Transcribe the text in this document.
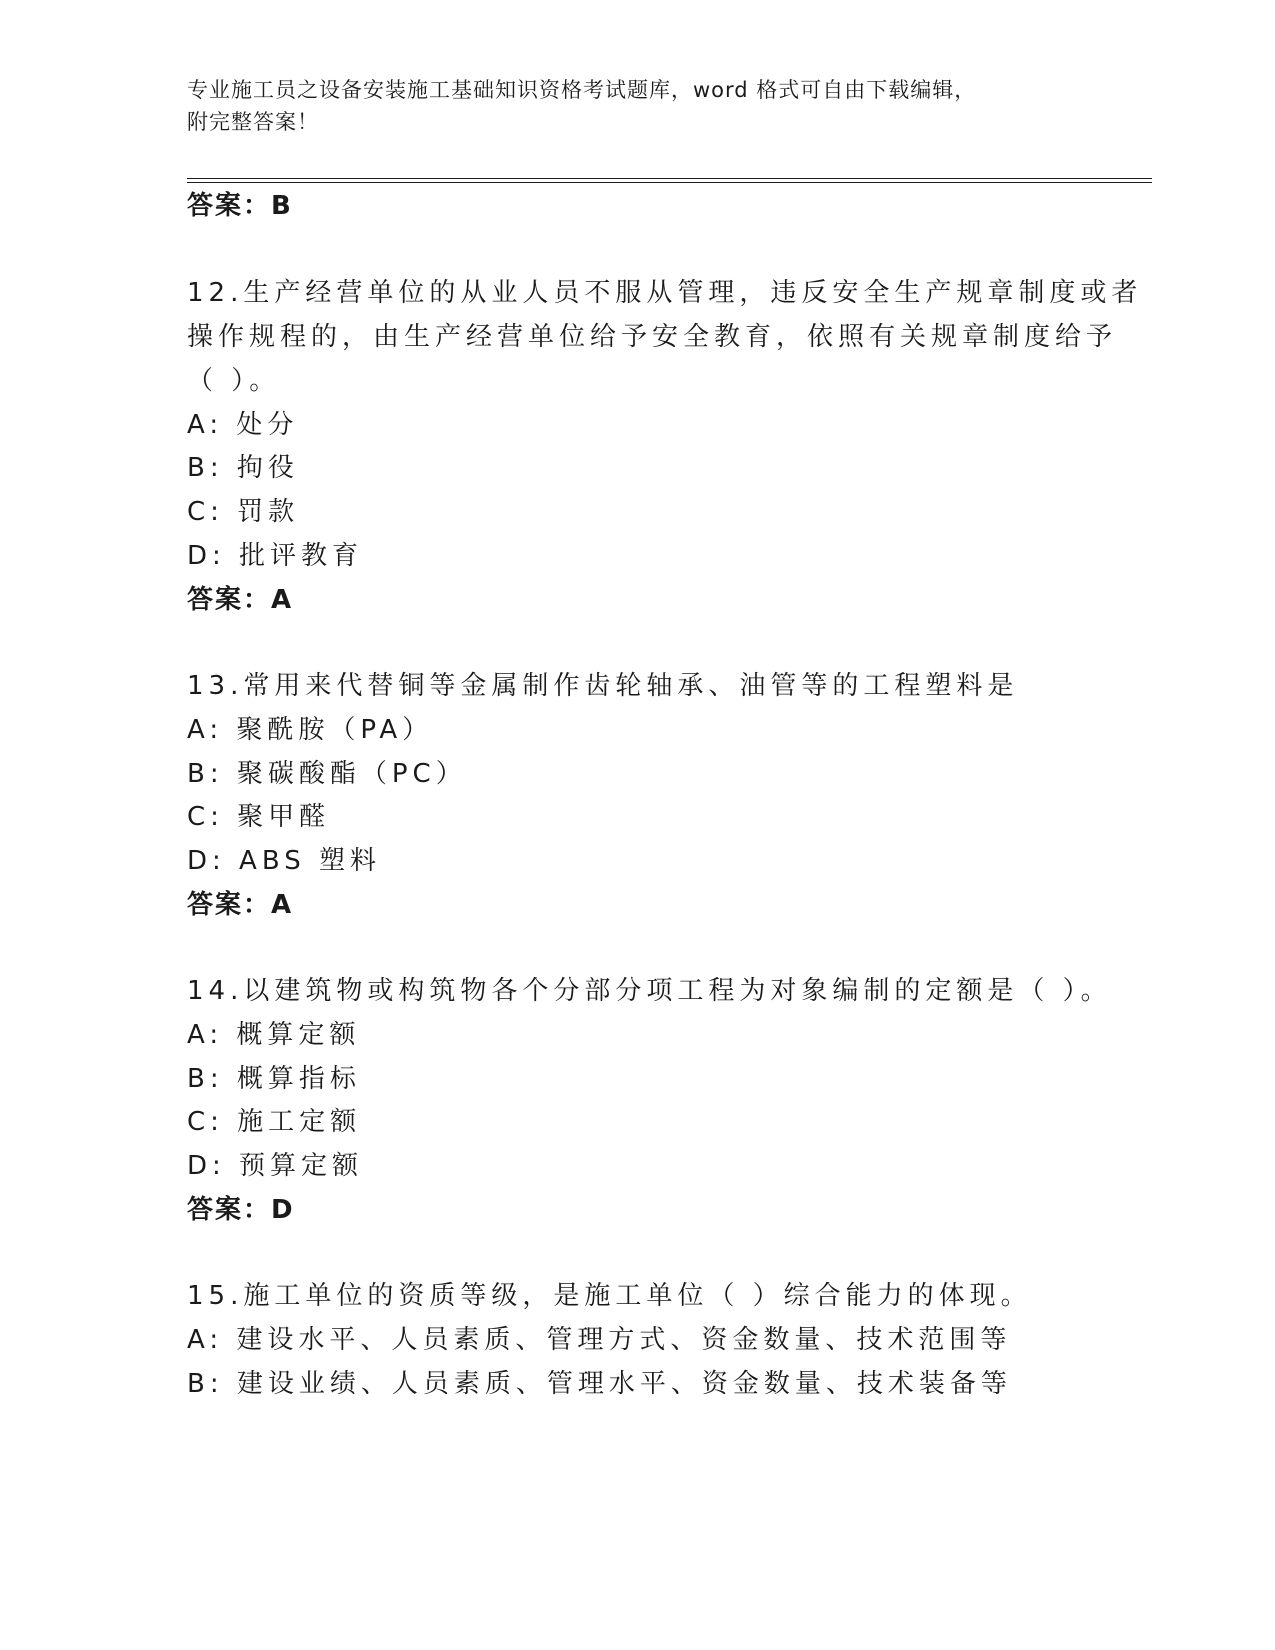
专业施工员之设备安装施工基础知识资格考试题库，word 格式可自由下载编辑，
附完整答案！
答案：B
12.生产经营单位的从业人员不服从管理，违反安全生产规章制度或者
操作规程的，由生产经营单位给予安全教育，依照有关规章制度给予
（ ）。
A: 处分
B: 拘役
C: 罚款
D: 批评教育
答案：A
13.常用来代替铜等金属制作齿轮轴承、油管等的工程塑料是
A: 聚酰胺（PA）
B: 聚碳酸酯（PC）
C: 聚甲醛
D: ABS 塑料
答案：A
14.以建筑物或构筑物各个分部分项工程为对象编制的定额是（ ）。
A: 概算定额
B: 概算指标
C: 施工定额
D: 预算定额
答案：D
15.施工单位的资质等级，是施工单位（ ）综合能力的体现。
A: 建设水平、人员素质、管理方式、资金数量、技术范围等
B: 建设业绩、人员素质、管理水平、资金数量、技术装备等
